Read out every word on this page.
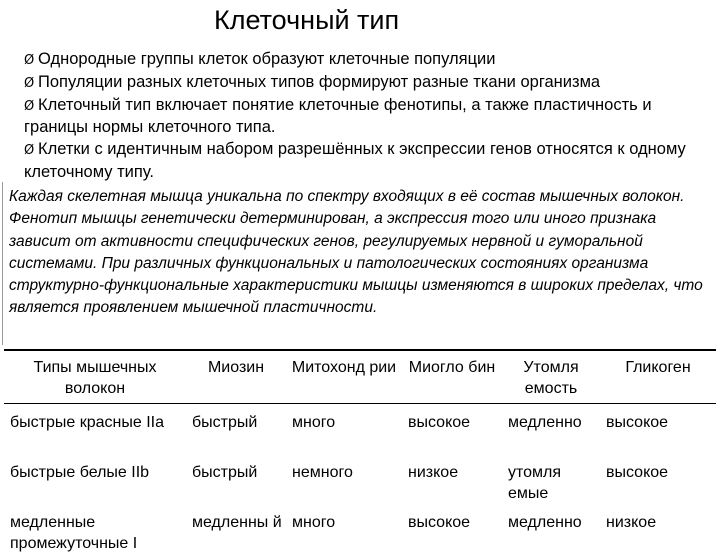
Клеточный тип

Ø Однородные группы клеток образуют клеточные популяции

Ø Популяции разных клеточных типов формируют разные ткани организма

Ø Клеточный тип включает понятие клеточные фенотипы, а также пластичность и границы нормы клеточного типа.

Ø Клетки с идентичным набором разрешённых к экспрессии генов относятся к одному клеточному типу.

Каждая скелетная мышца уникальна по спектру входящих в её состав мышечных волокон. Фенотип мышцы генетически детерминирован, а экспрессия того или иного признака зависит от активности специфических генов, регулируемых нервной и гуморальной системами. При различных функциональных и патологических состояниях организма структурно-функциональные характеристики мышцы изменяются в широких пределах, что является проявлением мышечной пластичности.
Типы мышечных волокон	Миозин	Митохонд рии	Миогло бин	Утомля емость	Гликоген
быстрые красные IIa	быстрый	много	высокое	медленно	высокое
быстрые белые IIb	быстрый	немного	низкое	утомля емые	высокое
медленные промежуточные I	медленны й	много	высокое	медленно	низкое
